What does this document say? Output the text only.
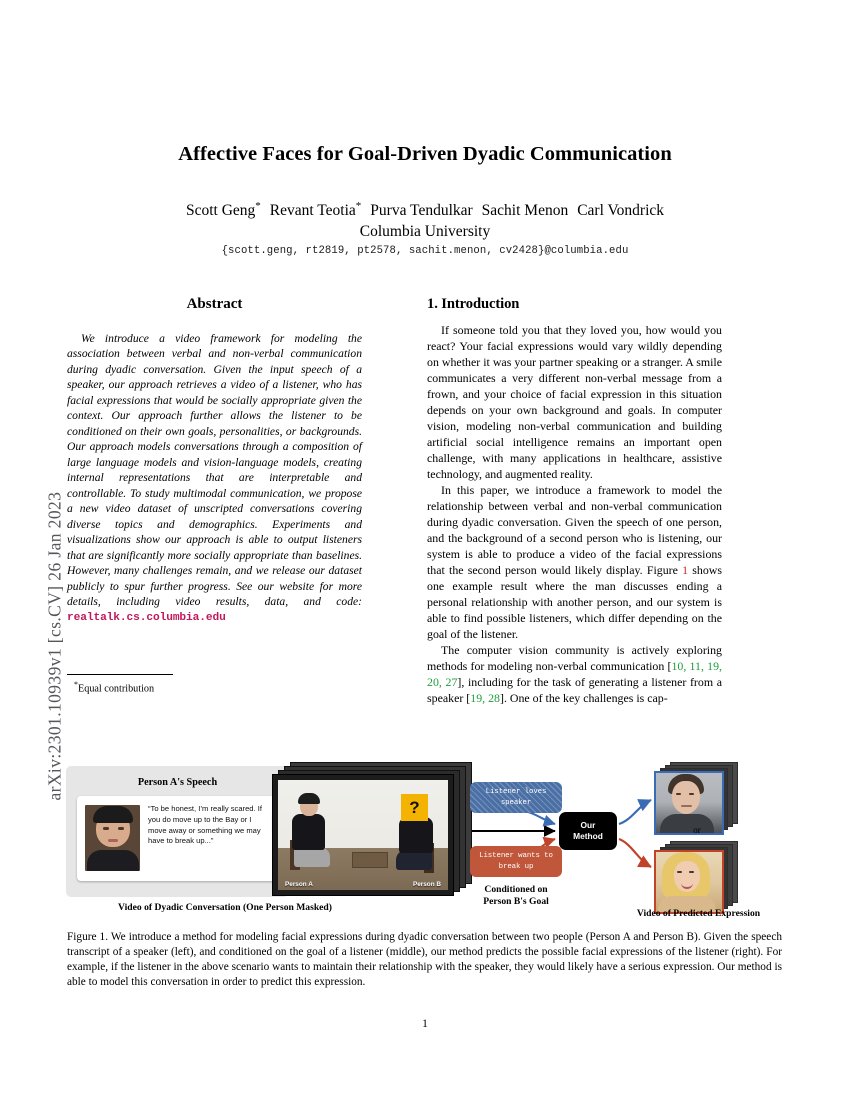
arXiv:2301.10939v1 [cs.CV] 26 Jan 2023
Affective Faces for Goal-Driven Dyadic Communication
Scott Geng* Revant Teotia* Purva Tendulkar Sachit Menon Carl Vondrick
Columbia University
{scott.geng, rt2819, pt2578, sachit.menon, cv2428}@columbia.edu
Abstract

We introduce a video framework for modeling the association between verbal and non-verbal communication during dyadic conversation. Given the input speech of a speaker, our approach retrieves a video of a listener, who has facial expressions that would be socially appropriate given the context. Our approach further allows the listener to be conditioned on their own goals, personalities, or backgrounds. Our approach models conversations through a composition of large language models and vision-language models, creating internal representations that are interpretable and controllable. To study multimodal communication, we propose a new video dataset of unscripted conversations covering diverse topics and demographics. Experiments and visualizations show our approach is able to output listeners that are significantly more socially appropriate than baselines. However, many challenges remain, and we release our dataset publicly to spur further progress. See our website for more details, including video results, data, and code: realtalk.cs.columbia.edu

*Equal contribution
1. Introduction

If someone told you that they loved you, how would you react? Your facial expressions would vary wildly depending on whether it was your partner speaking or a stranger. A smile communicates a very different non-verbal message from a frown, and your choice of facial expression in this situation depends on your own background and goals. In computer vision, modeling non-verbal communication and building artificial social intelligence remains an important open challenge, with many applications in healthcare, assistive technology, and augmented reality.

In this paper, we introduce a framework to model the relationship between verbal and non-verbal communication during dyadic conversation. Given the speech of one person, and the background of a second person who is listening, our system is able to produce a video of the facial expressions that the second person would likely display. Figure 1 shows one example result where the man discusses ending a personal relationship with another person, and our system is able to find possible listeners, which differ depending on the goal of the listener.

The computer vision community is actively exploring methods for modeling non-verbal communication [10, 11, 19, 20, 27], including for the task of generating a listener from a speaker [19, 28]. One of the key challenges is cap-

Person A's Speech
“To be honest, I’m really scared. If you do move up to the Bay or I move away or something we may have to break up...”
Video of Dyadic Conversation (One Person Masked)
?
Person A	Person B
Listener loves speaker
Listener wants to break up
Conditioned on
Person B's Goal
Our
Method
or
Video of Predicted Expression
Figure 1. We introduce a method for modeling facial expressions during dyadic conversation between two people (Person A and Person B). Given the speech transcript of a speaker (left), and conditioned on the goal of a listener (middle), our method predicts the possible facial expressions of the listener (right). For example, if the listener in the above scenario wants to maintain their relationship with the speaker, they would likely have a serious expression. Our method is able to model this conversation in order to predict this expression.
1
